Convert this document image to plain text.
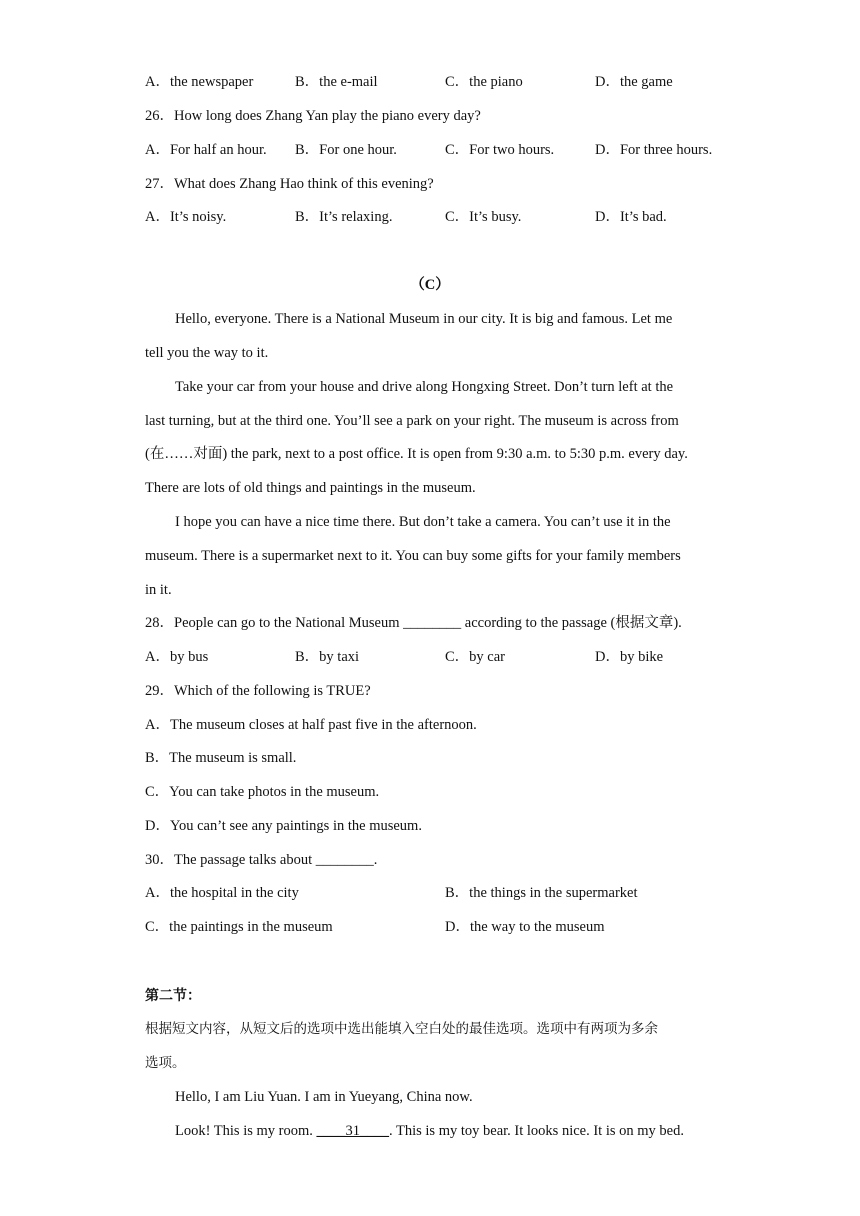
A．the newspaper	B．the e-mail	C．the piano	D．the game
26．How long does Zhang Yan play the piano every day?
A．For half an hour. B．For one hour.	C．For two hours.	D．For three hours.
27．What does Zhang Hao think of this evening?
A．It’s noisy.	B．It’s relaxing.	C．It’s busy.	D．It’s bad.
（C）
Hello, everyone. There is a National Museum in our city. It is big and famous. Let me
tell you the way to it.
Take your car from your house and drive along Hongxing Street. Don’t turn left at the
last turning, but at the third one. You’ll see a park on your right. The museum is across from
(在……对面) the park, next to a post office. It is open from 9:30 a.m. to 5:30 p.m. every day.
There are lots of old things and paintings in the museum.
I hope you can have a nice time there. But don’t take a camera. You can’t use it in the
museum. There is a supermarket next to it. You can buy some gifts for your family members
in it.
28．People can go to the National Museum ________ according to the passage (根据文章).
A．by bus	B．by taxi	C．by car	D．by bike
29．Which of the following is TRUE?
A．The museum closes at half past five in the afternoon.
B．The museum is small.
C．You can take photos in the museum.
D．You can’t see any paintings in the museum.
30．The passage talks about ________.
A．the hospital in the city	B．the things in the supermarket
C．the paintings in the museum	D．the way to the museum
第二节：
根据短文内容，从短文后的选项中选出能填入空白处的最佳选项。选项中有两项为多余
选项。
Hello, I am Liu Yuan. I am in Yueyang, China now.
Look! This is my room. ____31____. This is my toy bear. It looks nice. It is on my bed.
